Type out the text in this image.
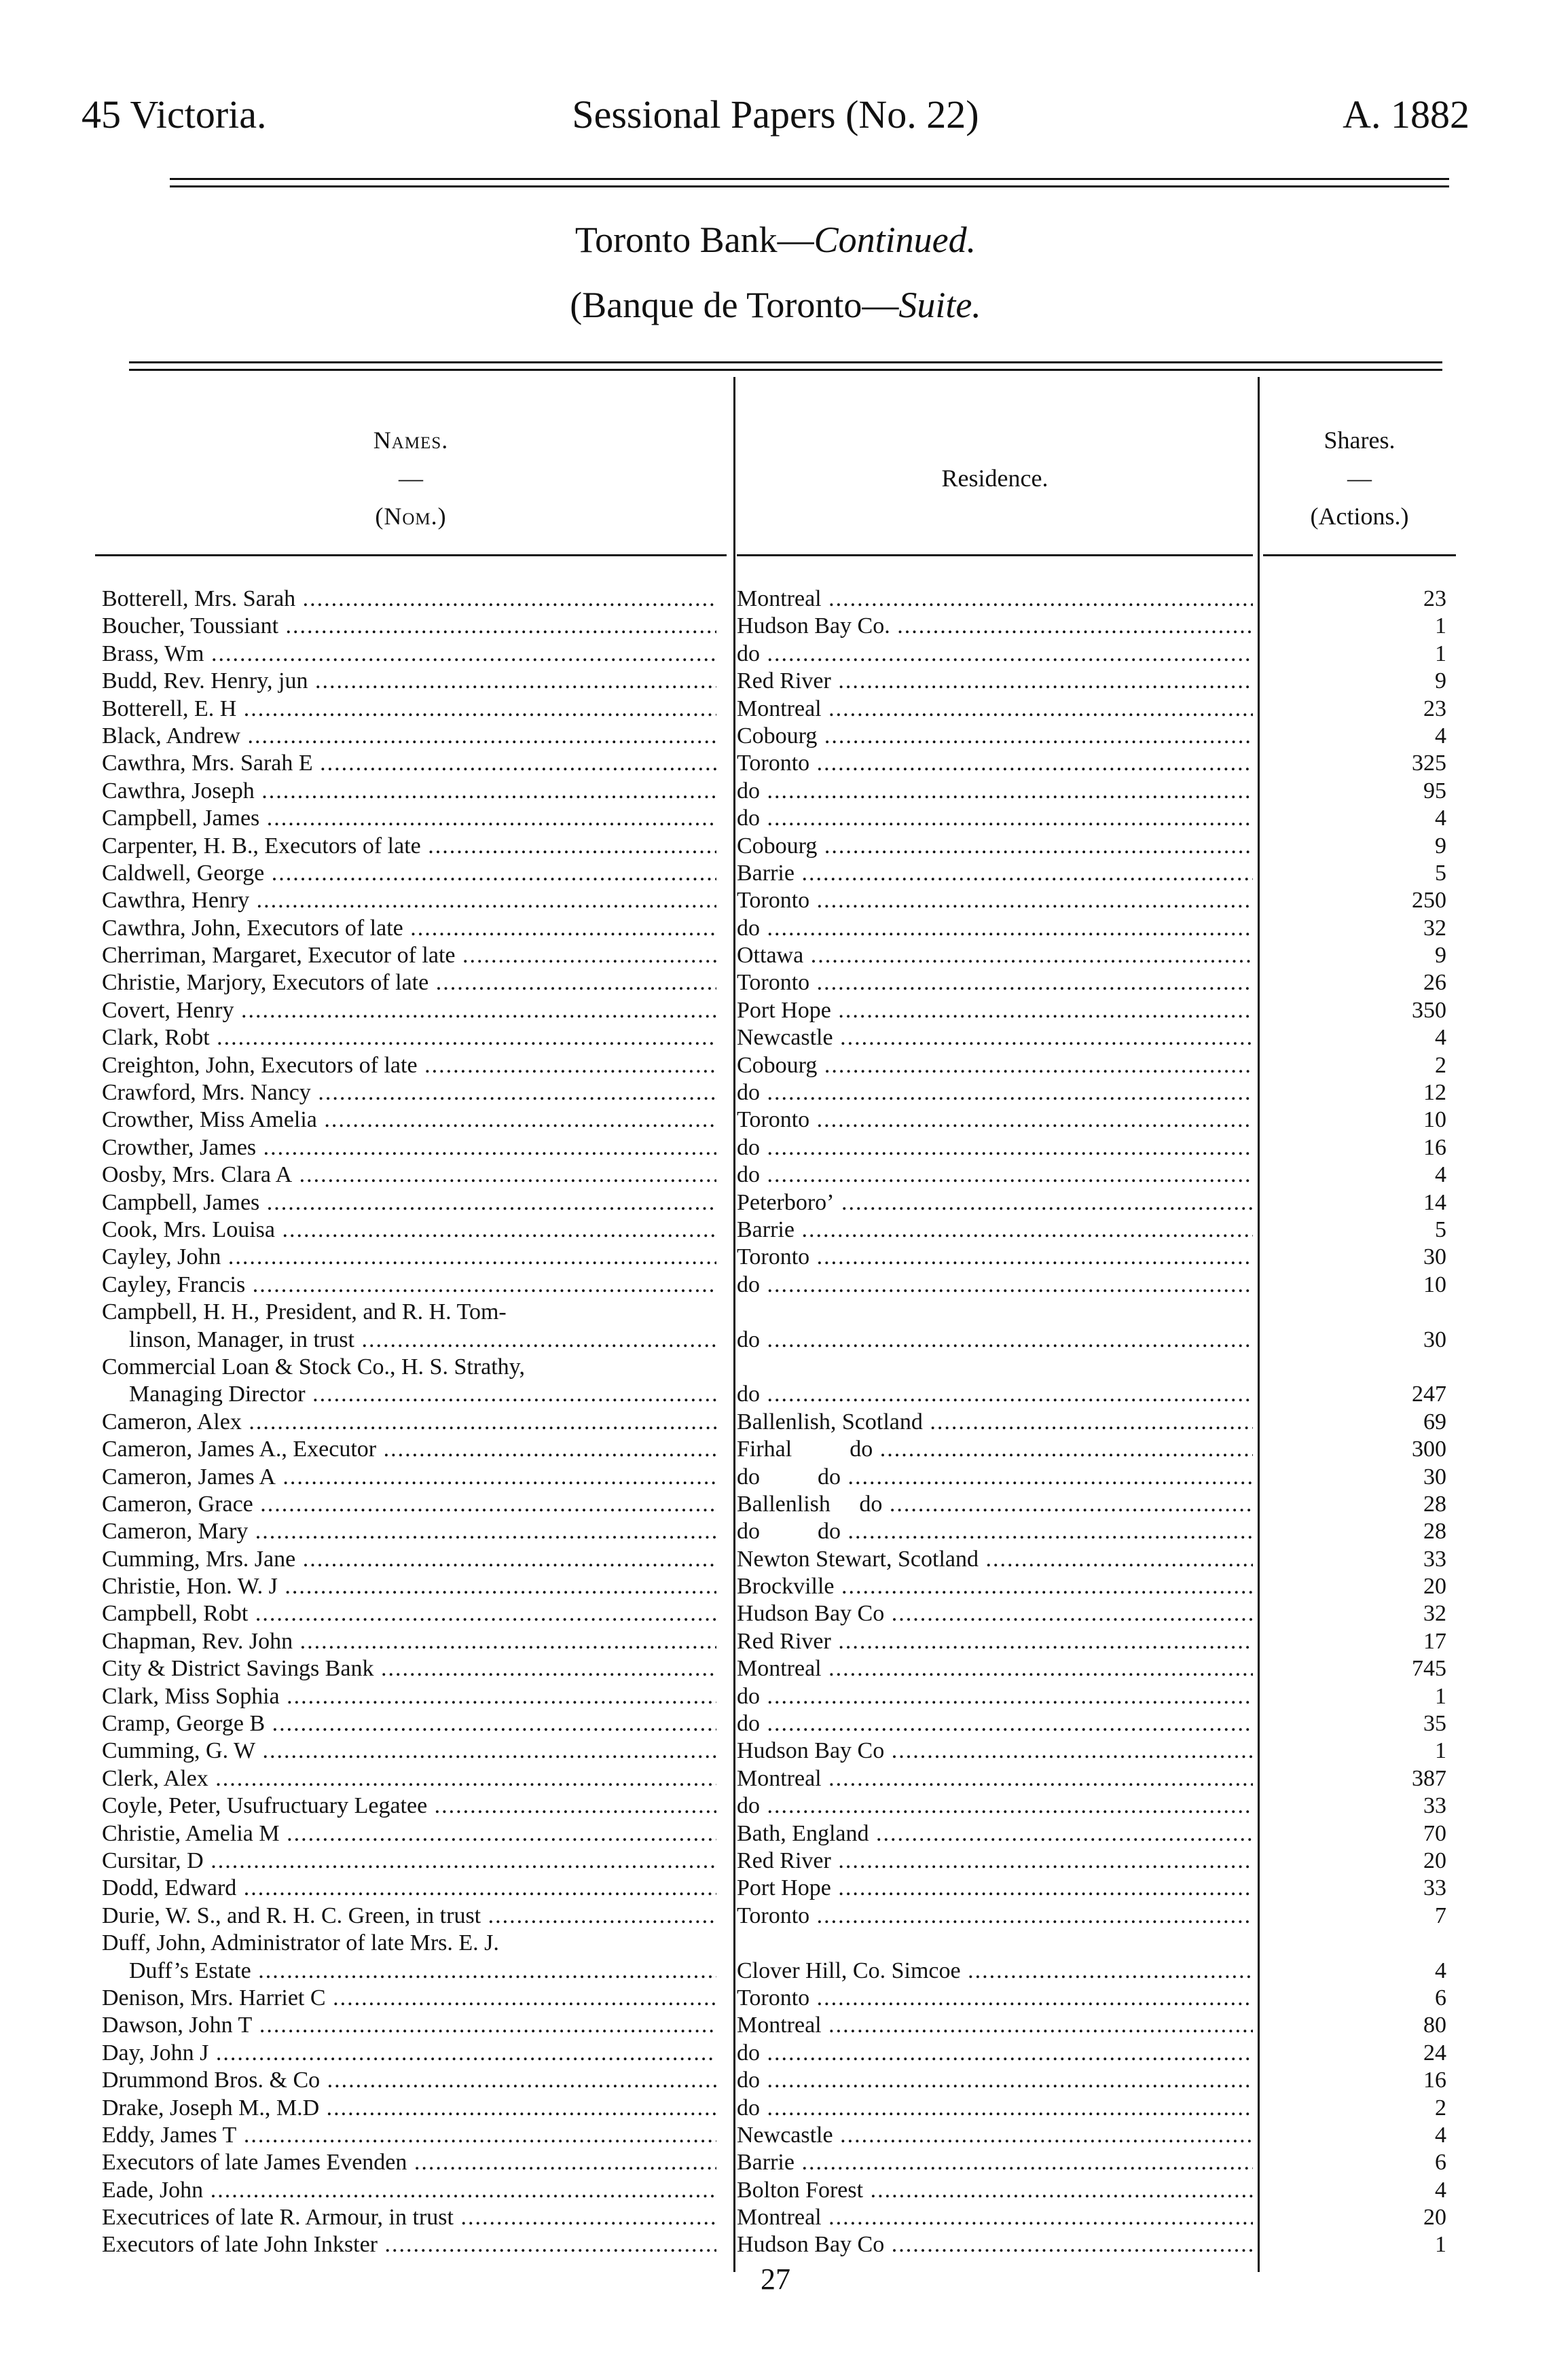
45 Victoria.	Sessional Papers (No. 22)	A. 1882
Toronto Bank—Continued.
(Banque de Toronto—Suite.
Names.
—
(Nom.)
Residence.
Shares.
—
(Actions.)
Botterell, Mrs. Sarah .....	Montreal .....	23
Boucher, Toussiant .....	Hudson Bay Co. .....	1
Brass, Wm .....	do .....	1
Budd, Rev. Henry, jun .....	Red River .....	9
Botterell, E. H .....	Montreal .....	23
Black, Andrew .....	Cobourg .....	4
Cawthra, Mrs. Sarah E .....	Toronto .....	325
Cawthra, Joseph .....	do .....	95
Campbell, James .....	do .....	4
Carpenter, H. B., Executors of late .....	Cobourg .....	9
Caldwell, George .....	Barrie .....	5
Cawthra, Henry .....	Toronto .....	250
Cawthra, John, Executors of late .....	do .....	32
Cherriman, Margaret, Executor of late .....	Ottawa .....	9
Christie, Marjory, Executors of late .....	Toronto .....	26
Covert, Henry .....	Port Hope .....	350
Clark, Robt .....	Newcastle .....	4
Creighton, John, Executors of late .....	Cobourg .....	2
Crawford, Mrs. Nancy .....	do .....	12
Crowther, Miss Amelia .....	Toronto .....	10
Crowther, James .....	do .....	16
Oosby, Mrs. Clara A .....	do .....	4
Campbell, James .....	Peterboro’ .....	14
Cook, Mrs. Louisa .....	Barrie .....	5
Cayley, John .....	Toronto .....	30
Cayley, Francis .....	do .....	10
Campbell, H. H., President, and R. H. Tom-
linson, Manager, in trust .....	do .....	30
Commercial Loan & Stock Co., H. S. Strathy,
Managing Director .....	do .....	247
Cameron, Alex .....	Ballenlish, Scotland .....	69
Cameron, James A., Executor .....	Firhal          do .....	300
Cameron, James A .....	do          do .....	30
Cameron, Grace .....	Ballenlish     do .....	28
Cameron, Mary .....	do          do .....	28
Cumming, Mrs. Jane .....	Newton Stewart, Scotland .....	33
Christie, Hon. W. J .....	Brockville .....	20
Campbell, Robt .....	Hudson Bay Co .....	32
Chapman, Rev. John .....	Red River .....	17
City & District Savings Bank .....	Montreal .....	745
Clark, Miss Sophia .....	do .....	1
Cramp, George B .....	do .....	35
Cumming, G. W .....	Hudson Bay Co .....	1
Clerk, Alex .....	Montreal .....	387
Coyle, Peter, Usufructuary Legatee .....	do .....	33
Christie, Amelia M .....	Bath, England .....	70
Cursitar, D .....	Red River .....	20
Dodd, Edward .....	Port Hope .....	33
Durie, W. S., and R. H. C. Green, in trust .....	Toronto .....	7
Duff, John, Administrator of late Mrs. E. J.
Duff’s Estate .....	Clover Hill, Co. Simcoe .....	4
Denison, Mrs. Harriet C .....	Toronto .....	6
Dawson, John T .....	Montreal .....	80
Day, John J .....	do .....	24
Drummond Bros. & Co .....	do .....	16
Drake, Joseph M., M.D .....	do .....	2
Eddy, James T .....	Newcastle .....	4
Executors of late James Evenden .....	Barrie .....	6
Eade, John .....	Bolton Forest .....	4
Executrices of late R. Armour, in trust .....	Montreal .....	20
Executors of late John Inkster .....	Hudson Bay Co .....	1
27
